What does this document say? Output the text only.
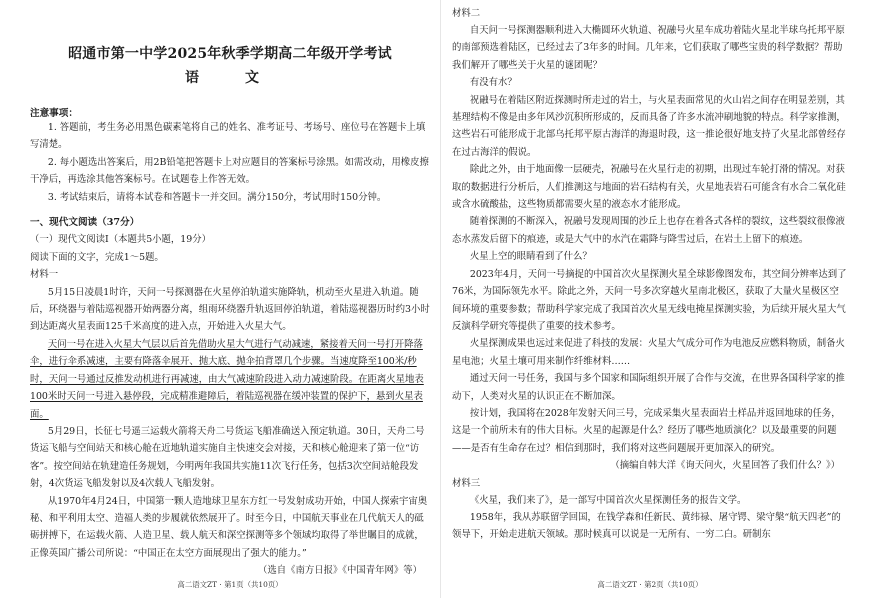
昭通市第一中学2025年秋季学期高二年级开学考试
语　文
注意事项：

1. 答题前，考生务必用黑色碳素笔将自己的姓名、准考证号、考场号、座位号在答题卡上填写清楚。

2. 每小题选出答案后，用2B铅笔把答题卡上对应题目的答案标号涂黑。如需改动，用橡皮擦干净后，再选涂其他答案标号。在试题卷上作答无效。

3. 考试结束后，请将本试卷和答题卡一并交回。满分150分，考试用时150分钟。

一、现代文阅读（37分）

（一）现代文阅读Ⅰ（本题共5小题，19分）

阅读下面的文字，完成1～5题。

材料一

5月15日凌晨1时许，天问一号探测器在火星停泊轨道实施降轨，机动至火星进入轨道。随后，环绕器与着陆巡视器开始两器分离，组雨环绕器升轨返回停泊轨道，着陆巡视器历时约3小时到达距离火星表面125千米高度的进入点，开始进入火星大气。

天问一号在进入火星大气层以后首先借助火星大气进行气动减速，紧接着天问一号打开降落伞，进行伞系减速，主要有降落伞展开、抛大底、抛伞拍背罩几个步骤。当速度降至100米/秒时，天问一号通过反推发动机进行再减速，由大气减速阶段进入动力减速阶段。在距离火星地表100米时天问一号进入悬停段，完成精准避障后，着陆巡视器在缓冲装置的保护下，悬到火星表面。

5月29日，长征七号遥三运载火箭将天舟二号货运飞船准确送入预定轨道。30日，天舟二号货运飞船与空间站天和核心舱在近地轨道实施自主快速交会对接，天和核心舱迎来了第一位“访客”。按空间站在轨建造任务规划，今明两年我国共实施11次飞行任务，包括3次空间站舱段发射，4次货运飞船发射以及4次载人飞船发射。

从1970年4月24日，中国第一颗人造地球卫星东方红一号发射成功开始，中国人探索宇宙奥秘、和平利用太空、造福人类的步履就依然展开了。时至今日，中国航天事业在几代航天人的砥砺拼搏下，在运载火箭、人造卫星、载人航天和深空探测等多个领域均取得了举世瞩目的成就，正像英国广播公司所说：“中国正在太空方面展现出了强大的能力。”

（选自《南方日报》《中国青年网》等）

高二语文ZT · 第1页（共10页）

材料二

自天问一号探测器顺利进入大椭圆环火轨道、祝融号火星车成功着陆火星北半球乌托邦平原的南部预选着陆区，已经过去了3年多的时间。几年来，它们获取了哪些宝贵的科学数据？帮助我们解开了哪些关于火星的谜团呢？

有没有水？

祝融号在着陆区附近探测时所走过的岩土，与火星表面常见的火山岩之间存在明显差别，其基理结构不像是由多年风沙沉积所形成的，反而具备了许多水流冲刷地貌的特点。科学家推测，这些岩石可能形成于北部乌托邦平原古海洋的海退时段，这一推论很好地支持了火星北部曾经存在过古海洋的假说。

除此之外，由于地面像一层硬壳，祝融号在火星行走的初期，出现过车轮打滑的情况。对获取的数据进行分析后，人们推测这与地面的岩石结构有关，火星地表岩石可能含有水合二氧化硅或含水硫酸盐，这些物质都需要火星的液态水才能形成。

随着探测的不断深入，祝融号发现周围的沙丘上也存在着各式各样的裂纹，这些裂纹很像液态水蒸发后留下的痕迹，或是大气中的水汽在霜降与降雪过后，在岩土上留下的痕迹。

火星上空的眼睛看到了什么？

2023年4月，天问一号摘捉的中国首次火星探测火星全球影像图发布，其空间分辨率达到了76米，为国际领先水平。除此之外，天问一号多次穿越火星南北极区，获取了大量火星极区空间环境的重要参数；帮助科学家完成了我国首次火星无线电掩星探测实验，为后续开展火星大气反演科学研究等提供了重要的技术参考。

火星探测成果也远过来促进了科技的发展：火星大气成分可作为电池反应燃料物质，制备火星电池；火星土壤可用来制作纤维材料……

通过天问一号任务，我国与多个国家和国际组织开展了合作与交流，在世界各国科学家的推动下，人类对火星的认识正在不断加深。

按计划，我国将在2028年发射天问三号，完成采集火星表面岩土样品并返回地球的任务，这是一个前所未有的伟大目标。火星的起源是什么？经历了哪些地质演化？以及最重要的问题——是否有生命存在过？相信到那时，我们将对这些问题展开更加深入的研究。

（摘编自韩大洋《询天问火，火星回答了我们什么？》）

材料三

《火星，我们来了》，是一部写中国首次火星探测任务的报告文学。

1958年，我从苏联留学回国，在钱学森和任新民、黄纬禄、屠守锷、梁守槃“航天四老”的领导下，开始走进航天领域。那时候真可以说是一无所有、一穷二白。研制东

高二语文ZT · 第2页（共10页）
